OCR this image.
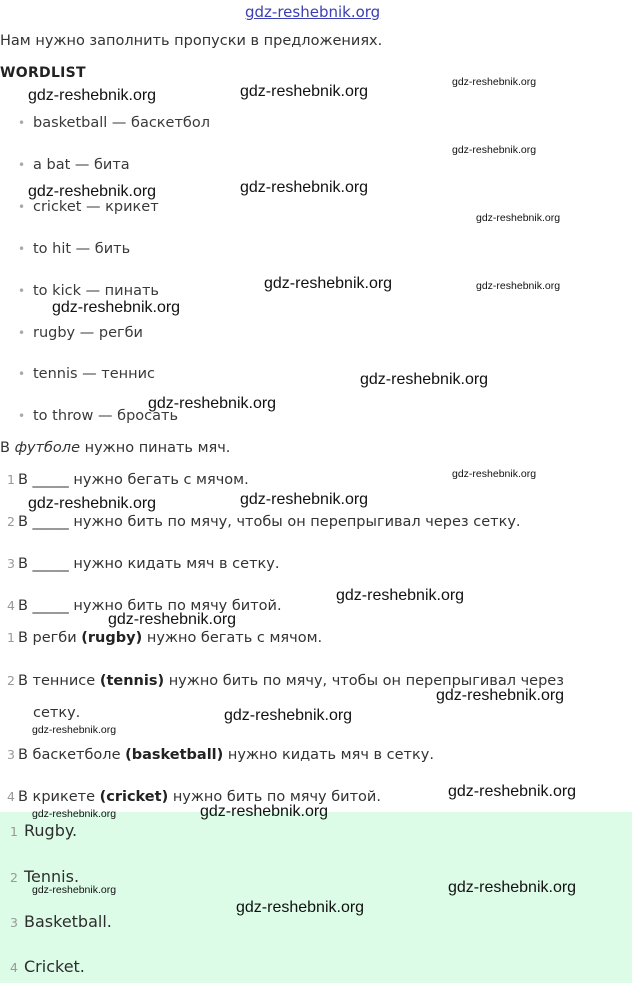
gdz-reshebnik.org
Нам нужно заполнить пропуски в предложениях.
WORDLIST
• basketball — баскетбол
• a bat — бита
• cricket — крикет
• to hit — бить
• to kick — пинать
• rugby — регби
• tennis — теннис
• to throw — бросать
В футболе нужно пинать мяч.
1 В _____ нужно бегать с мячом.
2 В _____ нужно бить по мячу, чтобы он перепрыгивал через сетку.
3 В _____ нужно кидать мяч в сетку.
4 В _____ нужно бить по мячу битой.
1 В регби (rugby) нужно бегать с мячом.
2 В теннисе (tennis) нужно бить по мячу, чтобы он перепрыгивал через
сетку.
3 В баскетболе (basketball) нужно кидать мяч в сетку.
4 В крикете (cricket) нужно бить по мячу битой.
1 Rugby.
2 Tennis.
3 Basketball.
4 Cricket.
gdz-reshebnik.org	gdz-reshebnik.org
gdz-reshebnik.org
gdz-reshebnik.org
gdz-reshebnik.org	gdz-reshebnik.org
gdz-reshebnik.org
gdz-reshebnik.org	gdz-reshebnik.org
gdz-reshebnik.org
gdz-reshebnik.org
gdz-reshebnik.org
gdz-reshebnik.org
gdz-reshebnik.org	gdz-reshebnik.org
gdz-reshebnik.org
gdz-reshebnik.org
gdz-reshebnik.org
gdz-reshebnik.org
gdz-reshebnik.org
gdz-reshebnik.org
gdz-reshebnik.org
gdz-reshebnik.org
gdz-reshebnik.org	gdz-reshebnik.org
gdz-reshebnik.org
